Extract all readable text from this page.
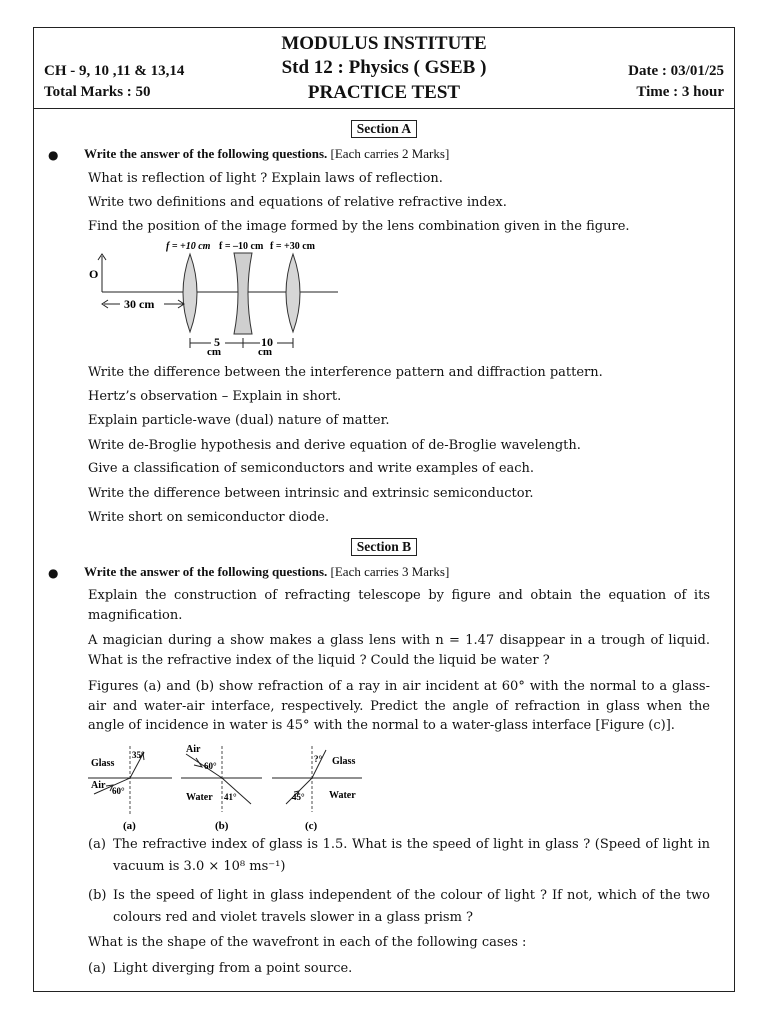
MODULUS INSTITUTE
Std 12 : Physics ( GSEB )
PRACTICE TEST
CH - 9, 10 ,11 & 13,14
Total Marks : 50
Date : 03/01/25
Time : 3 hour
Section A
● Write the answer of the following questions. [Each carries 2 Marks]
What is reflection of light ? Explain laws of reflection.
Write two definitions and equations of relative refractive index.
Find the position of the image formed by the lens combination given in the figure.
f = +10 cm f = –10 cm f = +30 cm
O
30 cm
5
cm
10
cm
Write the difference between the interference pattern and diffraction pattern.
Hertz’s observation – Explain in short.
Explain particle-wave (dual) nature of matter.
Write de-Broglie hypothesis and derive equation of de-Broglie wavelength.
Give a classification of semiconductors and write examples of each.
Write the difference between intrinsic and extrinsic semiconductor.
Write short on semiconductor diode.
Section B
● Write the answer of the following questions. [Each carries 3 Marks]
Explain the construction of refracting telescope by figure and obtain the equation of its magnification.
A magician during a show makes a glass lens with n = 1.47 disappear in a trough of liquid. What is the refractive index of the liquid ? Could the liquid be water ?
Figures (a) and (b) show refraction of a ray in air incident at 60° with the normal to a glass-air and water-air interface, respectively. Predict the angle of refraction in glass when the angle of incidence in water is 45° with the normal to a water-glass interface [Figure (c)].
Glass
Air
35°
60°
(a)
Air
Water
60°
41°
(b)
Glass
Water
?°
45°
(c)
(a) The refractive index of glass is 1.5. What is the speed of light in glass ? (Speed of light in vacuum is 3.0 × 10⁸ ms⁻¹)
(b) Is the speed of light in glass independent of the colour of light ? If not, which of the two colours red and violet travels slower in a glass prism ?
What is the shape of the wavefront in each of the following cases :
(a) Light diverging from a point source.
